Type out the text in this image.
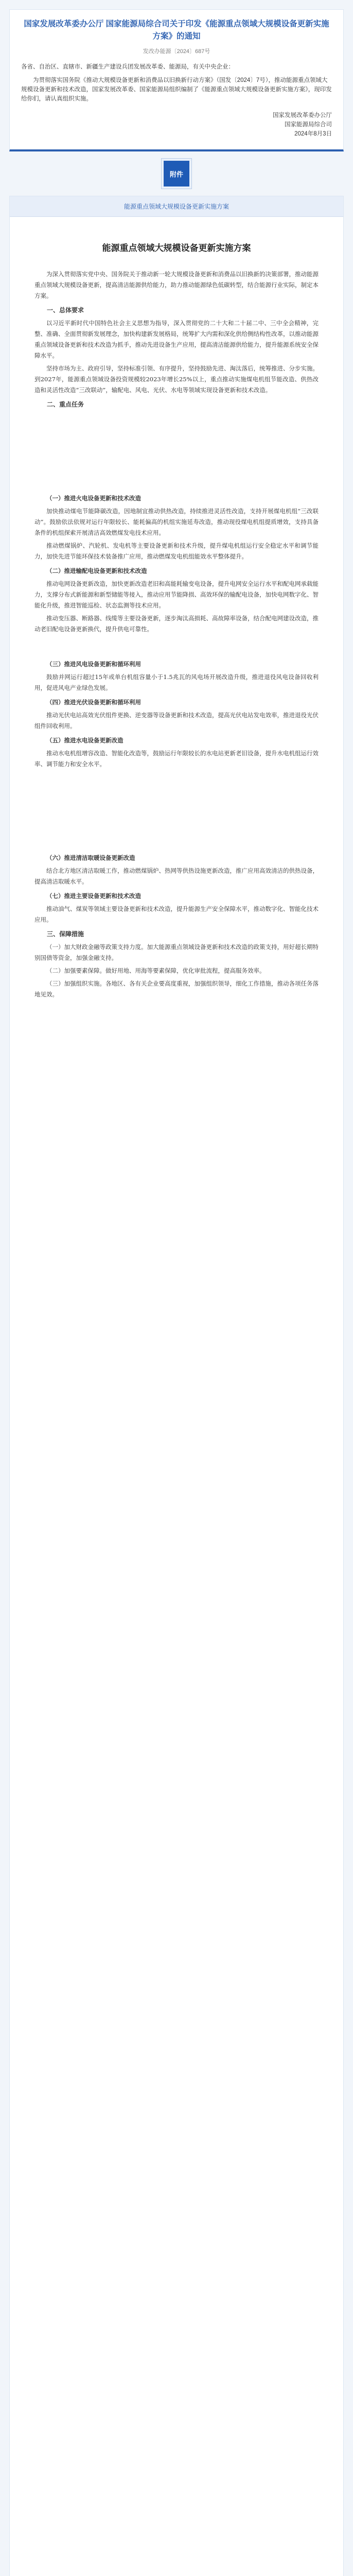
国家发展改革委办公厅 国家能源局综合司关于印发《能源重点领域大规模设备更新实施方案》的通知
发改办能源〔2024〕687号

各省、自治区、直辖市、新疆生产建设兵团发展改革委、能源局，有关中央企业：

为贯彻落实国务院《推动大规模设备更新和消费品以旧换新行动方案》（国发〔2024〕7号），推动能源重点领域大规模设备更新和技术改造，国家发展改革委、国家能源局组织编制了《能源重点领域大规模设备更新实施方案》，现印发给你们，请认真组织实施。

国家发展改革委办公厅
国家能源局综合司
2024年8月3日
附件
能源重点领域大规模设备更新实施方案
能源重点领域大规模设备更新实施方案

为深入贯彻落实党中央、国务院关于推动新一轮大规模设备更新和消费品以旧换新的决策部署，推动能源重点领域大规模设备更新，提高清洁能源供给能力，助力推动能源绿色低碳转型，结合能源行业实际，制定本方案。

一、总体要求

以习近平新时代中国特色社会主义思想为指导，深入贯彻党的二十大和二十届二中、三中全会精神，完整、准确、全面贯彻新发展理念，加快构建新发展格局，统筹扩大内需和深化供给侧结构性改革，以推动能源重点领域设备更新和技术改造为抓手，推动先进设备生产应用，提高清洁能源供给能力，提升能源系统安全保障水平。

坚持市场为主、政府引导，坚持标准引领、有序提升，坚持鼓励先进、淘汰落后，统筹推进、分步实施。到2027年，能源重点领域设备投资规模较2023年增长25%以上，重点推动实施煤电机组节能改造、供热改造和灵活性改造“三改联动”，输配电、风电、光伏、水电等领域实现设备更新和技术改造。

二、重点任务
（一）推进火电设备更新和技术改造

加快推动煤电节能降碳改造，因地制宜推动供热改造，持续推进灵活性改造，支持开展煤电机组“三改联动”。鼓励依法依规对运行年限较长、能耗偏高的机组实施延寿改造，推动现役煤电机组提质增效，支持具备条件的机组探索开展清洁高效燃煤发电技术应用。

推动燃煤锅炉、汽轮机、发电机等主要设备更新和技术升级，提升煤电机组运行安全稳定水平和调节能力，加快先进节能环保技术装备推广应用，推动燃煤发电机组能效水平整体提升。

（二）推进输配电设备更新和技术改造

推动电网设备更新改造，加快更新改造老旧和高能耗输变电设备，提升电网安全运行水平和配电网承载能力，支撑分布式新能源和新型储能等接入，推动应用节能降损、高效环保的输配电设备，加快电网数字化、智能化升级，推进智能巡检、状态监测等技术应用。

推动变压器、断路器、线缆等主要设备更新，逐步淘汰高损耗、高故障率设备，结合配电网建设改造，推动老旧配电设备更新换代，提升供电可靠性。

（三）推进风电设备更新和循环利用

鼓励并网运行超过15年或单台机组容量小于1.5兆瓦的风电场开展改造升级，推进退役风电设备回收利用，促进风电产业绿色发展。

（四）推进光伏设备更新和循环利用

推动光伏电站高效光伏组件更换、逆变器等设备更新和技术改造，提高光伏电站发电效率，推进退役光伏组件回收利用。

（五）推进水电设备更新改造

推动水电机组增容改造、智能化改造等，鼓励运行年限较长的水电站更新老旧设备，提升水电机组运行效率、调节能力和安全水平。

（六）推进清洁取暖设备更新改造

结合北方地区清洁取暖工作，推动燃煤锅炉、热网等供热设施更新改造，推广应用高效清洁的供热设备，提高清洁取暖水平。

（七）推进主要设备更新和技术改造

推动油气、煤炭等领域主要设备更新和技术改造，提升能源生产安全保障水平，推动数字化、智能化技术应用。

三、保障措施

（一）加大财政金融等政策支持力度。加大能源重点领域设备更新和技术改造的政策支持，用好超长期特别国债等资金，加强金融支持。

（二）加强要素保障。做好用地、用海等要素保障，优化审批流程，提高服务效率。

（三）加强组织实施。各地区、各有关企业要高度重视，加强组织领导，细化工作措施，推动各项任务落地见效。
